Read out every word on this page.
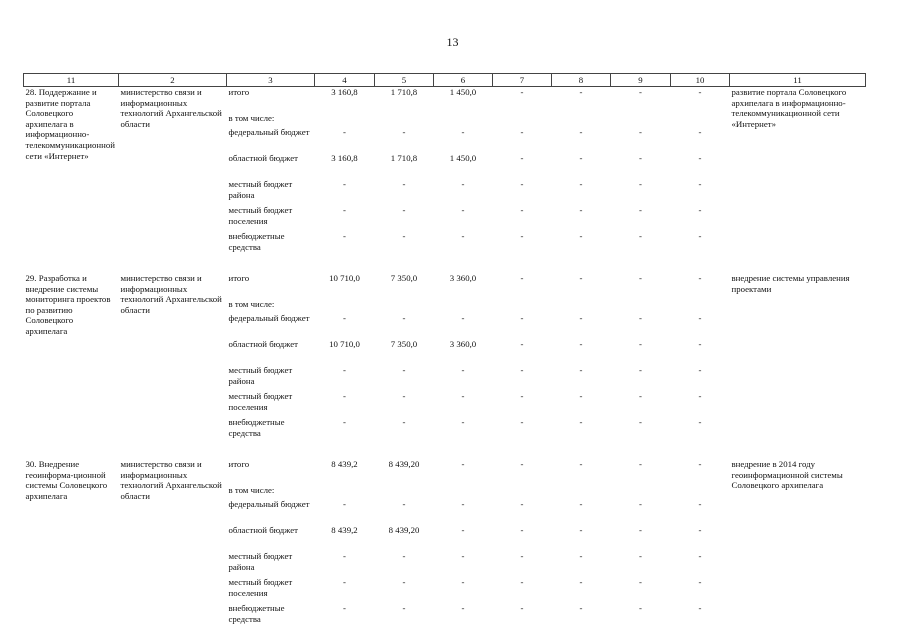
13
11	2	3	4	5	6	7	8	9	10	11
28. Поддержание и развитие портала Соловецкого архипелага в информационно-телекоммуникационной сети «Интернет»	министерство связи и информационных технологий Архангельской области	итого	3 160,8	1 710,8	1 450,0	-	-	-	-	развитие портала Соловецкого архипелага в информационно-телекоммуникационной сети «Интернет»
		в том числе:								
		федеральный бюджет	-	-	-	-	-	-	-	
		областной бюджет	3 160,8	1 710,8	1 450,0	-	-	-	-	
		местный бюджет района	-	-	-	-	-	-	-	
		местный бюджет поселения	-	-	-	-	-	-	-	
		внебюджетные средства	-	-	-	-	-	-	-	

29. Разработка и внедрение системы мониторинга проектов по развитию Соловецкого архипелага	министерство связи и информационных технологий Архангельской области	итого	10 710,0	7 350,0	3 360,0	-	-	-	-	внедрение системы управления проектами
		в том числе:								
		федеральный бюджет	-	-	-	-	-	-	-	
		областной бюджет	10 710,0	7 350,0	3 360,0	-	-	-	-	
		местный бюджет района	-	-	-	-	-	-	-	
		местный бюджет поселения	-	-	-	-	-	-	-	
		внебюджетные средства	-	-	-	-	-	-	-	

30. Внедрение геоинформа-ционной системы Соловецкого архипелага	министерство связи и информационных технологий Архангельской области	итого	8 439,2	8 439,20	-	-	-	-	-	внедрение в 2014 году геоинформационной системы Соловецкого архипелага
		в том числе:								
		федеральный бюджет	-	-	-	-	-	-	-	
		областной бюджет	8 439,2	8 439,20	-	-	-	-	-	
		местный бюджет района	-	-	-	-	-	-	-	
		местный бюджет поселения	-	-	-	-	-	-	-	
		внебюджетные средства	-	-	-	-	-	-	-	
